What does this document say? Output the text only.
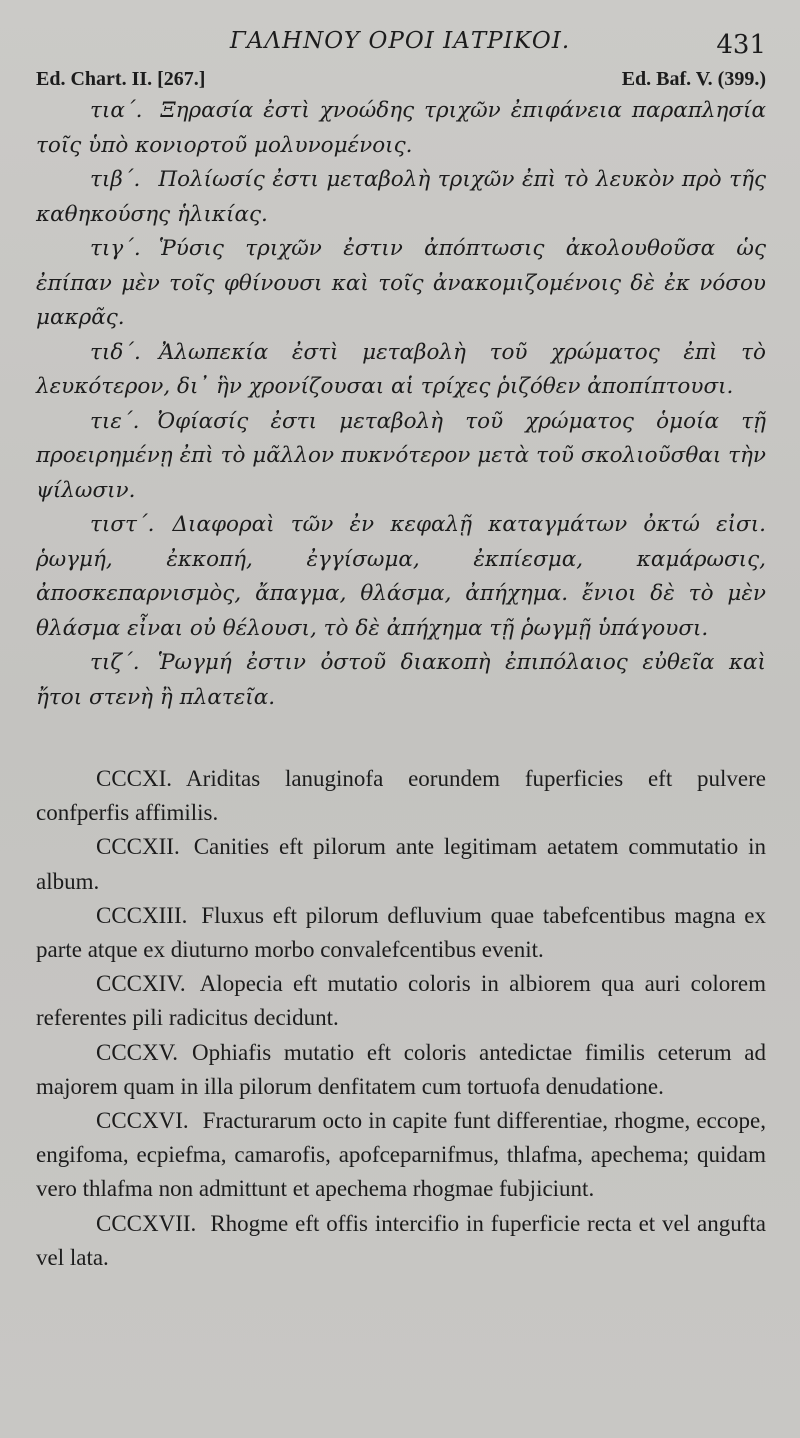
ΓΑΛΗΝΟΥ ΟΡΟΙ ΙΑΤΡΙΚΟΙ.	431
Ed. Chart. II. [267.]	Ed. Baf. V. (399.)

τια΄. Ξηρασία ἐστὶ χνοώδης τριχῶν ἐπιφάνεια παραπλησία τοῖς ὑπὸ κονιορτοῦ μολυνομένοις.

τιβ΄. Πολίωσίς ἐστι μεταβολὴ τριχῶν ἐπὶ τὸ λευκὸν πρὸ τῆς καθηκούσης ἡλικίας.

τιγ΄. Ῥύσις τριχῶν ἐστιν ἀπόπτωσις ἀκολουθοῦσα ὡς ἐπίπαν μὲν τοῖς φθίνουσι καὶ τοῖς ἀνακομιζομένοις δὲ ἐκ νόσου μακρᾶς.

τιδ΄. Ἀλωπεκία ἐστὶ μεταβολὴ τοῦ χρώματος ἐπὶ τὸ λευκότερον, δι᾽ ἣν χρονίζουσαι αἱ τρίχες ῥιζόθεν ἀποπίπτουσι.

τιε΄. Ὀφίασίς ἐστι μεταβολὴ τοῦ χρώματος ὁμοία τῇ προειρημένῃ ἐπὶ τὸ μᾶλλον πυκνότερον μετὰ τοῦ σκολιοῦσθαι τὴν ψίλωσιν.

τιστ΄. Διαφοραὶ τῶν ἐν κεφαλῇ καταγμάτων ὀκτώ εἰσι. ῥωγμή, ἐκκοπή, ἐγγίσωμα, ἐκπίεσμα, καμάρωσις, ἀποσκεπαρνισμὸς, ἄπαγμα, θλάσμα, ἀπήχημα. ἔνιοι δὲ τὸ μὲν θλάσμα εἶναι οὐ θέλουσι, τὸ δὲ ἀπήχημα τῇ ῥωγμῇ ὑπάγουσι.

τιζ΄. Ῥωγμή ἐστιν ὀστοῦ διακοπὴ ἐπιπόλαιος εὐθεῖα καὶ ἤτοι στενὴ ἢ πλατεῖα.

CCCXI. Ariditas lanuginofa eorundem fuperficies eft pulvere confperfis affimilis.

CCCXII. Canities eft pilorum ante legitimam aetatem commutatio in album.

CCCXIII. Fluxus eft pilorum defluvium quae tabefcentibus magna ex parte atque ex diuturno morbo convalefcentibus evenit.

CCCXIV. Alopecia eft mutatio coloris in albiorem qua auri colorem referentes pili radicitus decidunt.

CCCXV. Ophiafis mutatio eft coloris antedictae fimilis ceterum ad majorem quam in illa pilorum denfitatem cum tortuofa denudatione.

CCCXVI. Fracturarum octo in capite funt differentiae, rhogme, eccope, engifoma, ecpiefma, camarofis, apofceparnifmus, thlafma, apechema; quidam vero thlafma non admittunt et apechema rhogmae fubjiciunt.

CCCXVII. Rhogme eft offis intercifio in fuperficie recta et vel angufta vel lata.
